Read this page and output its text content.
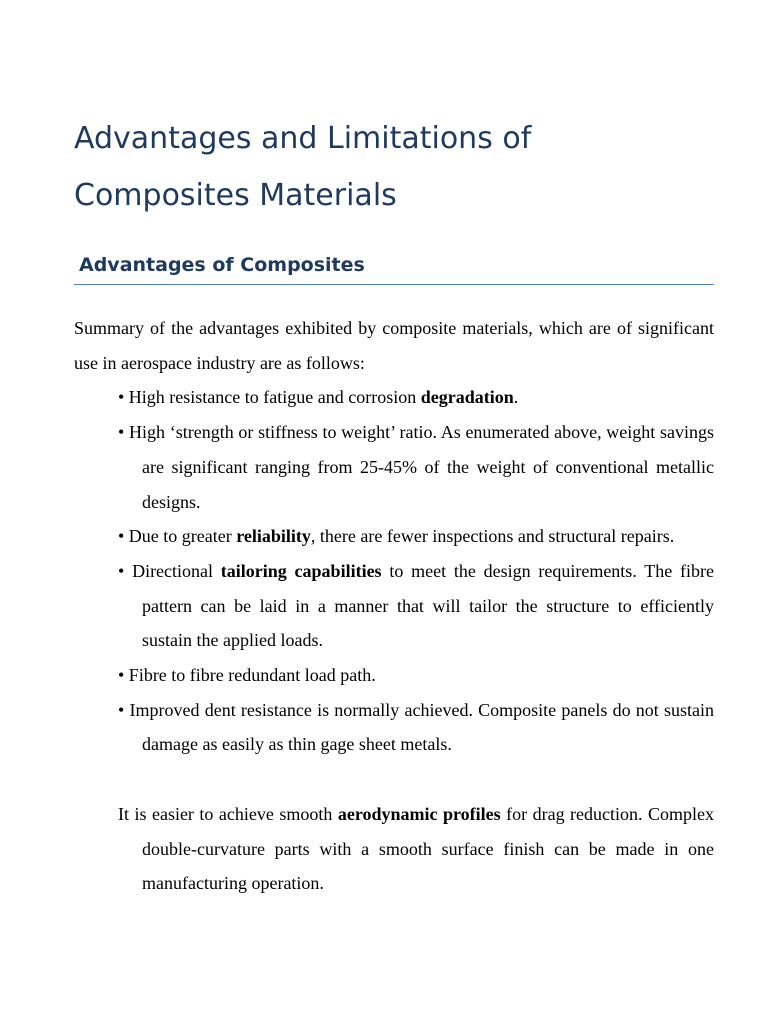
Advantages and Limitations of
Composites Materials
Advantages of Composites

Summary of the advantages exhibited by composite materials, which are of significant use in aerospace industry are as follows:

• High resistance to fatigue and corrosion degradation.
• High ‘strength or stiffness to weight’ ratio. As enumerated above, weight savings are significant ranging from 25-45% of the weight of conventional metallic designs.
• Due to greater reliability, there are fewer inspections and structural repairs.
• Directional tailoring capabilities to meet the design requirements. The fibre pattern can be laid in a manner that will tailor the structure to efficiently sustain the applied loads.
• Fibre to fibre redundant load path.
• Improved dent resistance is normally achieved. Composite panels do not sustain damage as easily as thin gage sheet metals.

It is easier to achieve smooth aerodynamic profiles for drag reduction. Complex double-curvature parts with a smooth surface finish can be made in one manufacturing operation.
